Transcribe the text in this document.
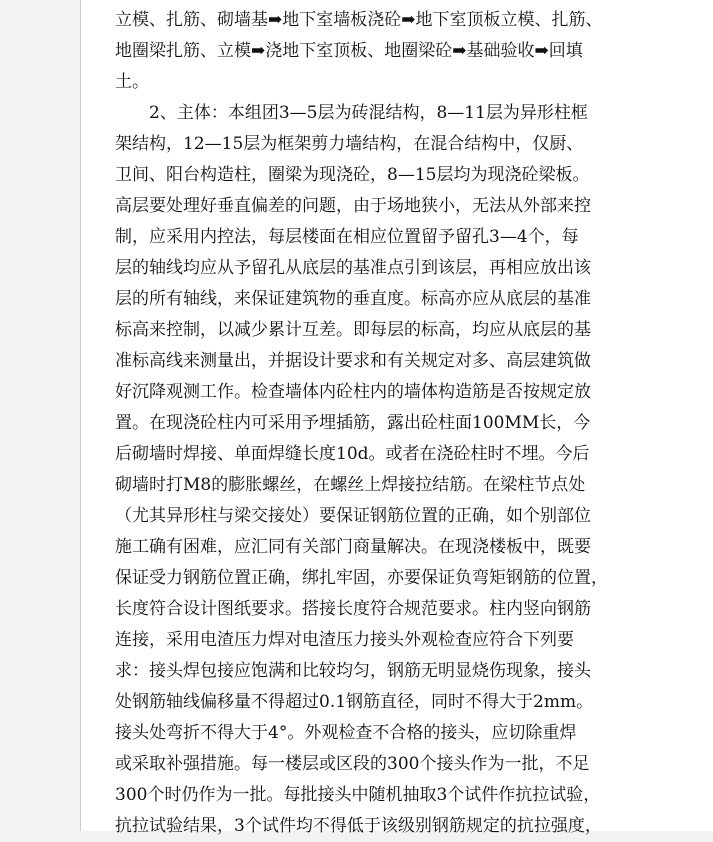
立模、扎筋、砌墙基➡地下室墙板浇砼➡地下室顶板立模、扎筋、
地圈梁扎筋、立模➡浇地下室顶板、地圈梁砼➡基础验收➡回填
土。
2、主体：本组团3—5层为砖混结构，8—11层为异形柱框
架结构，12—15层为框架剪力墙结构，在混合结构中，仅厨、
卫间、阳台构造柱，圈梁为现浇砼，8—15层均为现浇砼梁板。
高层要处理好垂直偏差的问题，由于场地狭小，无法从外部来控
制，应采用内控法，每层楼面在相应位置留予留孔3—4个，每
层的轴线均应从予留孔从底层的基准点引到该层，再相应放出该
层的所有轴线，来保证建筑物的垂直度。标高亦应从底层的基准
标高来控制，以减少累计互差。即每层的标高，均应从底层的基
准标高线来测量出，并据设计要求和有关规定对多、高层建筑做
好沉降观测工作。检查墙体内砼柱内的墙体构造筋是否按规定放
置。在现浇砼柱内可采用予埋插筋，露出砼柱面100MM长，今
后砌墙时焊接、单面焊缝长度10d。或者在浇砼柱时不埋。今后
砌墙时打M8的膨胀螺丝，在螺丝上焊接拉结筋。在梁柱节点处
（尤其异形柱与梁交接处）要保证钢筋位置的正确，如个别部位
施工确有困难，应汇同有关部门商量解决。在现浇楼板中，既要
保证受力钢筋位置正确，绑扎牢固，亦要保证负弯矩钢筋的位置，
长度符合设计图纸要求。搭接长度符合规范要求。柱内竖向钢筋
连接，采用电渣压力焊对电渣压力接头外观检查应符合下列要
求：接头焊包接应饱满和比较均匀，钢筋无明显烧伤现象，接头
处钢筋轴线偏移量不得超过0.1钢筋直径，同时不得大于2mm。
接头处弯折不得大于4°。外观检查不合格的接头，应切除重焊
或采取补强措施。每一楼层或区段的300个接头作为一批，不足
300个时仍作为一批。每批接头中随机抽取3个试件作抗拉试验，
抗拉试验结果，3个试件均不得低于该级别钢筋规定的抗拉强度，
